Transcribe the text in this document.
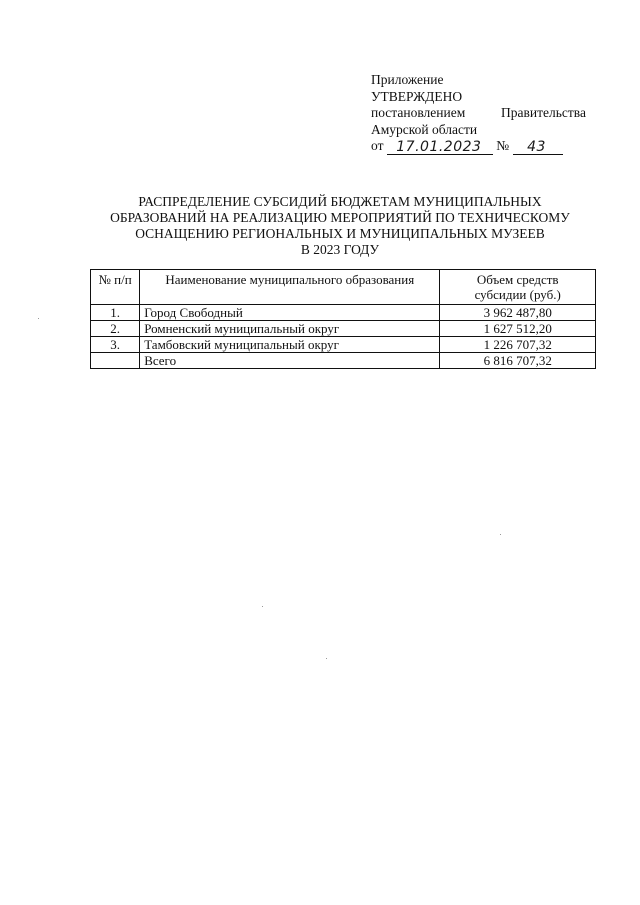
Приложение
УТВЕРЖДЕНО
постановлением	Правительства
Амурской области
от
17.01.2023
	№
	43
РАСПРЕДЕЛЕНИЕ СУБСИДИЙ БЮДЖЕТАМ МУНИЦИПАЛЬНЫХ
ОБРАЗОВАНИЙ НА РЕАЛИЗАЦИЮ МЕРОПРИЯТИЙ ПО ТЕХНИЧЕСКОМУ
ОСНАЩЕНИЮ РЕГИОНАЛЬНЫХ И МУНИЦИПАЛЬНЫХ МУЗЕЕВ
В 2023 ГОДУ
№ п/п	Наименование муниципального образования	Объем средств
субсидии (руб.)

1.	Город Свободный	3 962 487,80
2.	Ромненский муниципальный округ	1 627 512,20
3.	Тамбовский муниципальный округ	1 226 707,32
	Всего	6 816 707,32
